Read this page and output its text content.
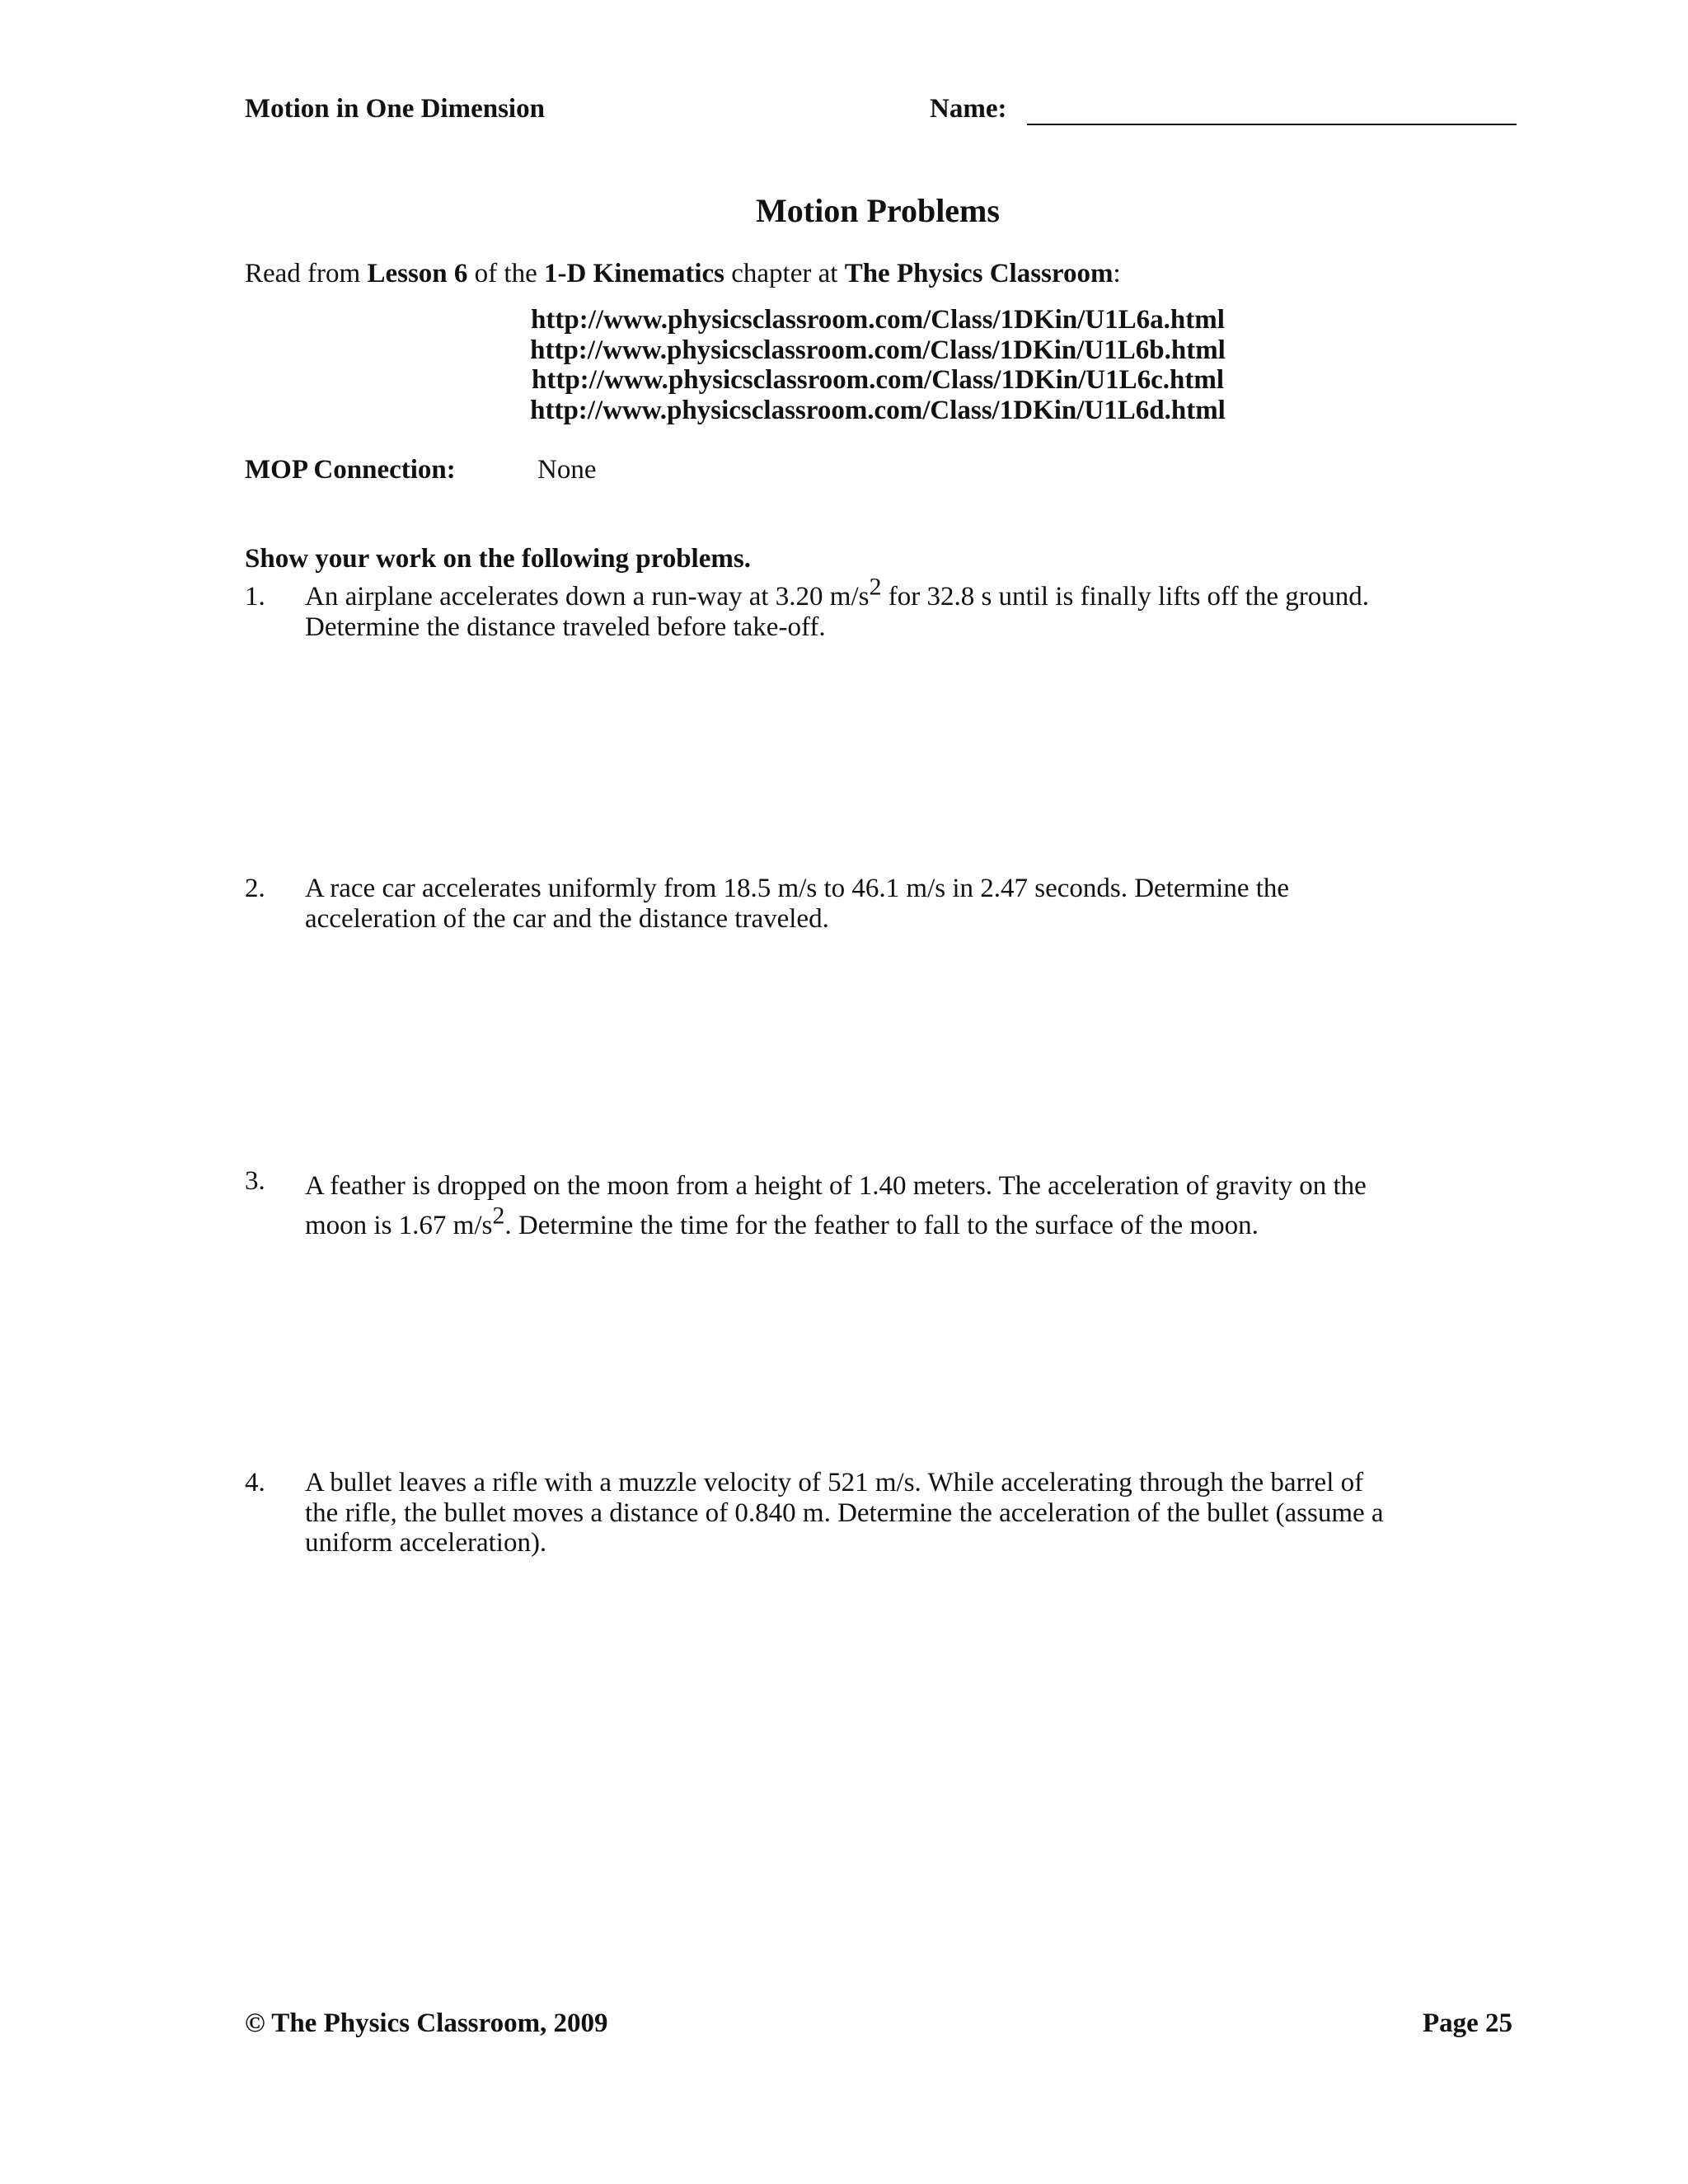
Motion in One Dimension	Name:
Motion Problems
Read from Lesson 6 of the 1-D Kinematics chapter at The Physics Classroom:
http://www.physicsclassroom.com/Class/1DKin/U1L6a.html
http://www.physicsclassroom.com/Class/1DKin/U1L6b.html
http://www.physicsclassroom.com/Class/1DKin/U1L6c.html
http://www.physicsclassroom.com/Class/1DKin/U1L6d.html
MOP Connection:	None
Show your work on the following problems.
1. An airplane accelerates down a run-way at 3.20 $m/s^2$ for 32.8 s until is finally lifts off the ground.
Determine the distance traveled before take-off.
2. A race car accelerates uniformly from 18.5 m/s to 46.1 m/s in 2.47 seconds. Determine the
acceleration of the car and the distance traveled.
3. A feather is dropped on the moon from a height of 1.40 meters. The acceleration of gravity on the
moon is 1.67 $m/s^2$. Determine the time for the feather to fall to the surface of the moon.
4. A bullet leaves a rifle with a muzzle velocity of 521 m/s. While accelerating through the barrel of
the rifle, the bullet moves a distance of 0.840 m. Determine the acceleration of the bullet (assume a
uniform acceleration).
© The Physics Classroom, 2009	Page 25
